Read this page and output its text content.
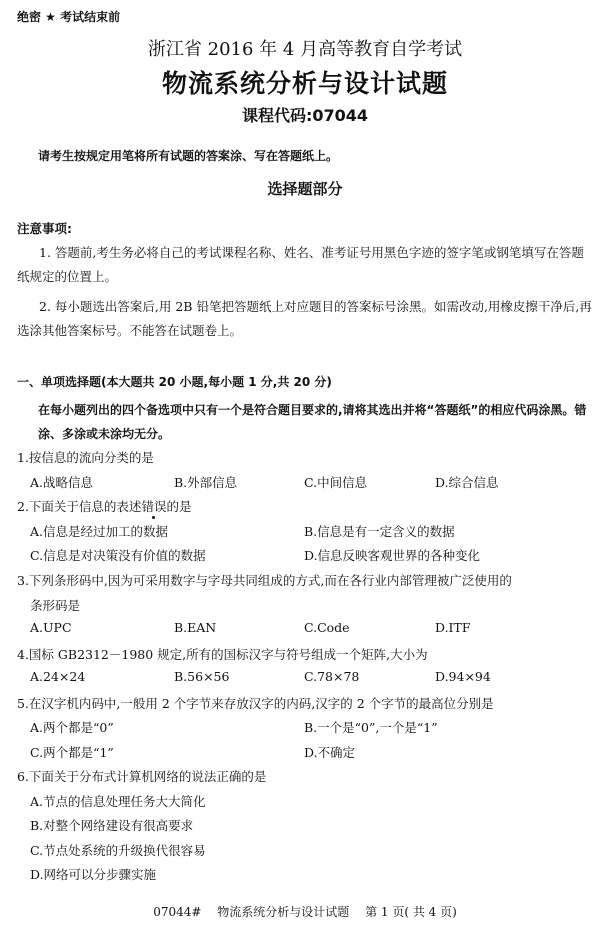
绝密 ★ 考试结束前
浙江省 2016 年 4 月高等教育自学考试
物流系统分析与设计试题
课程代码:07044
请考生按规定用笔将所有试题的答案涂、写在答题纸上。
选择题部分
注意事项:
1. 答题前,考生务必将自己的考试课程名称、姓名、准考证号用黑色字迹的签字笔或钢笔填写在答题纸规定的位置上。
2. 每小题选出答案后,用 2B 铅笔把答题纸上对应题目的答案标号涂黑。如需改动,用橡皮擦干净后,再选涂其他答案标号。不能答在试题卷上。
一、单项选择题(本大题共 20 小题,每小题 1 分,共 20 分)
在每小题列出的四个备选项中只有一个是符合题目要求的,请将其选出并将“答题纸”的相应代码涂黑。错涂、多涂或未涂均无分。
1.按信息的流向分类的是
A.战略信息	B.外部信息	C.中间信息	D.综合信息
2.下面关于信息的表述错误的是
A.信息是经过加工的数据	B.信息是有一定含义的数据
C.信息是对决策没有价值的数据	D.信息反映客观世界的各种变化
3.下列条形码中,因为可采用数字与字母共同组成的方式,而在各行业内部管理被广泛使用的
条形码是
A.UPC	B.EAN	C.Code	D.ITF
4.国标 GB2312－1980 规定,所有的国标汉字与符号组成一个矩阵,大小为
A.24×24	B.56×56	C.78×78	D.94×94
5.在汉字机内码中,一般用 2 个字节来存放汉字的内码,汉字的 2 个字节的最高位分别是
A.两个都是“0”	B.一个是“0”,一个是“1”
C.两个都是“1”	D.不确定
6.下面关于分布式计算机网络的说法正确的是
A.节点的信息处理任务大大简化
B.对整个网络建设有很高要求
C.节点处系统的升级换代很容易
D.网络可以分步骤实施
07044# 物流系统分析与设计试题 第 1 页( 共 4 页)
